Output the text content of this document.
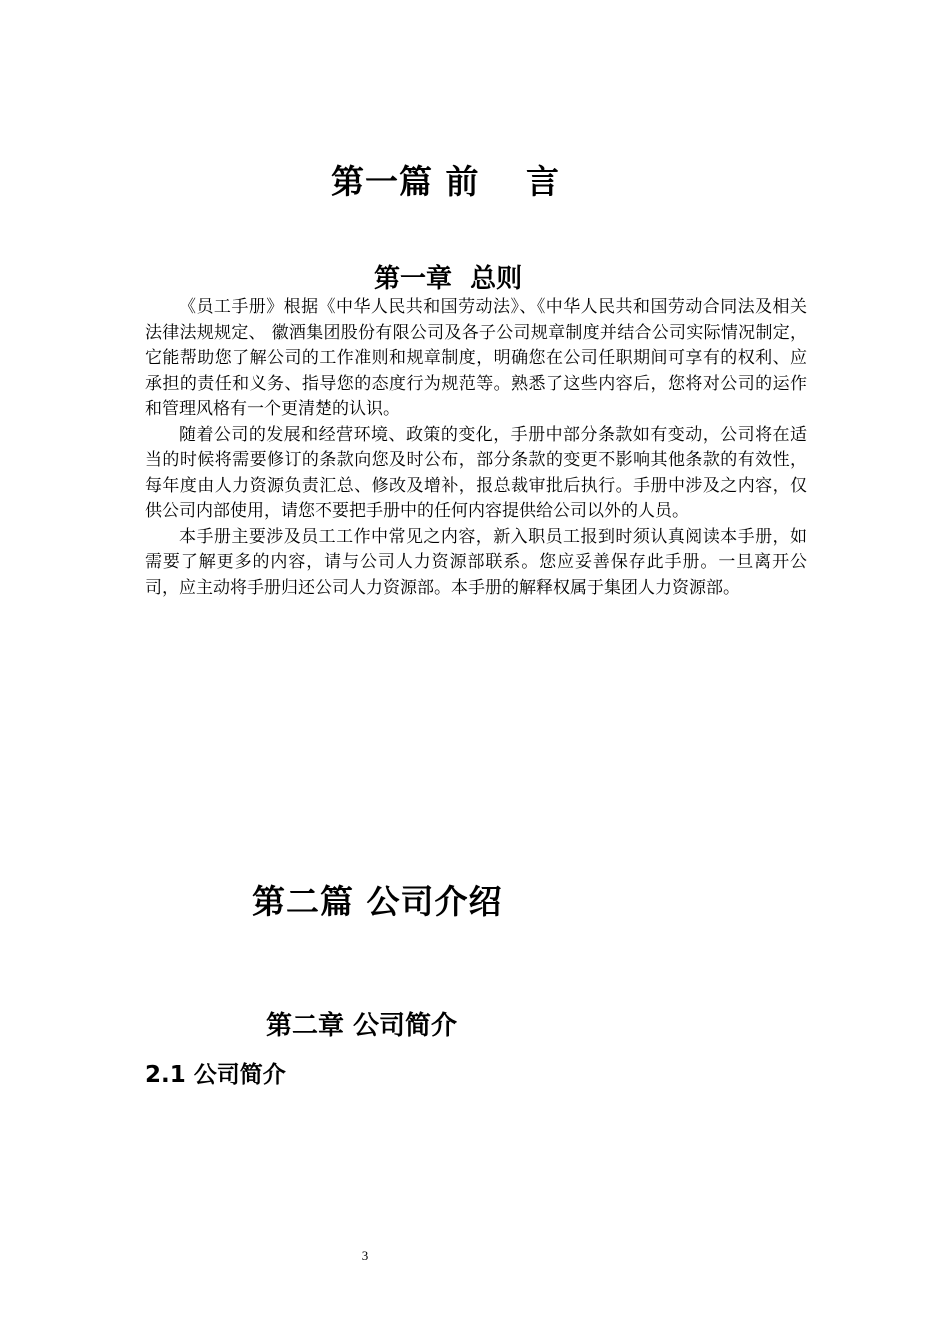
第一篇 前　 言
第一章  总则

《员工手册》根据《中华人民共和国劳动法》、《中华人民共和国劳动合同法及相关法律法规规定、 徽酒集团股份有限公司及各子公司规章制度并结合公司实际情况制定，它能帮助您了解公司的工作准则和规章制度，明确您在公司任职期间可享有的权利、应承担的责任和义务、指导您的态度行为规范等。熟悉了这些内容后，您将对公司的运作和管理风格有一个更清楚的认识。

随着公司的发展和经营环境、政策的变化，手册中部分条款如有变动，公司将在适当的时候将需要修订的条款向您及时公布，部分条款的变更不影响其他条款的有效性，每年度由人力资源负责汇总、修改及增补，报总裁审批后执行。手册中涉及之内容，仅供公司内部使用，请您不要把手册中的任何内容提供给公司以外的人员。

本手册主要涉及员工工作中常见之内容，新入职员工报到时须认真阅读本手册，如需要了解更多的内容，请与公司人力资源部联系。您应妥善保存此手册。一旦离开公司，应主动将手册归还公司人力资源部。本手册的解释权属于集团人力资源部。

第二篇 公司介绍
第二章 公司简介
2.1 公司简介
3
